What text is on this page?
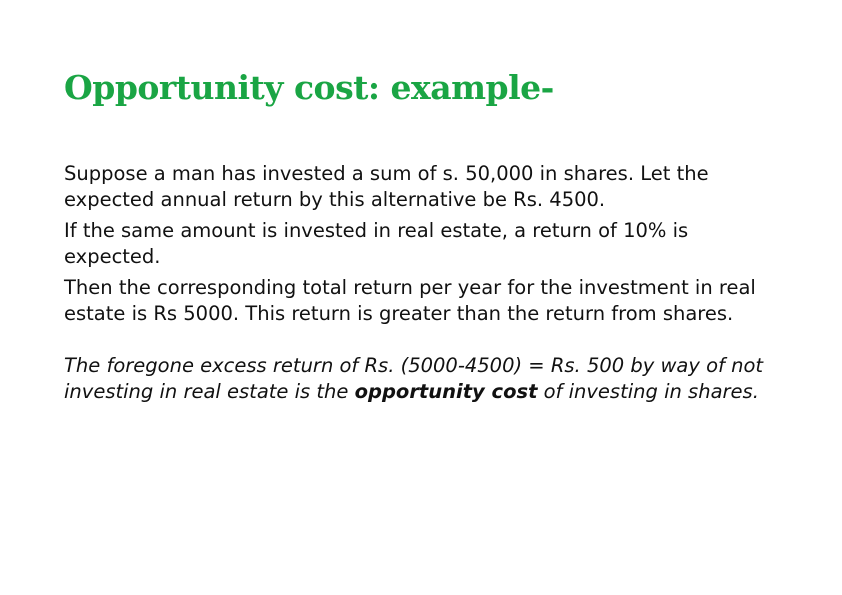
Opportunity cost: example-

Suppose a man has invested a sum of s. 50,000 in shares. Let the expected annual return by this alternative be Rs. 4500.

If the same amount is invested in real estate, a return of 10% is expected.

Then the corresponding total return per year for the investment in real estate is Rs 5000. This return is greater than the return from shares.

The foregone excess return of Rs. (5000-4500) = Rs. 500 by way of not investing in real estate is the opportunity cost of investing in shares.
